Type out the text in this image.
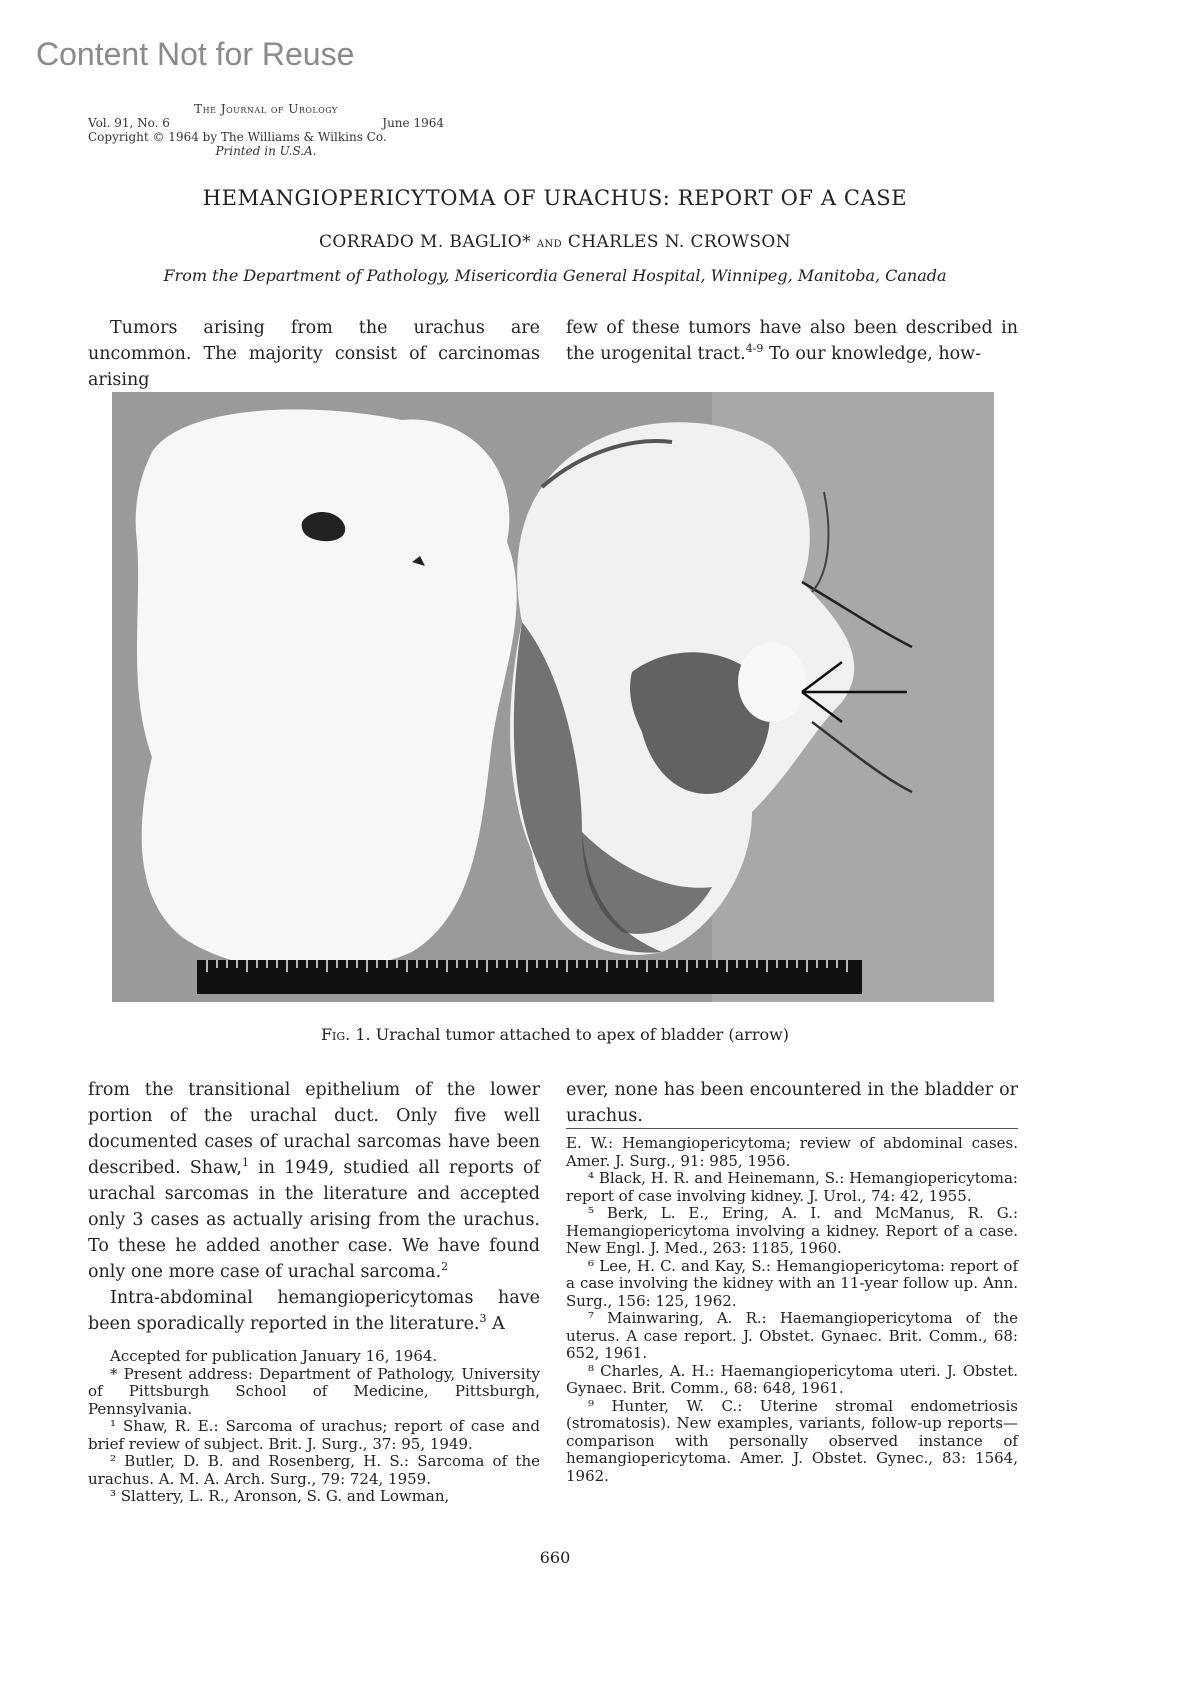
Content Not for Reuse
The Journal of Urology
Vol. 91, No. 6	June 1964
Copyright © 1964 by The Williams & Wilkins Co.
Printed in U.S.A.
HEMANGIOPERICYTOMA OF URACHUS: REPORT OF A CASE
CORRADO M. BAGLIO* and CHARLES N. CROWSON
From the Department of Pathology, Misericordia General Hospital, Winnipeg, Manitoba, Canada

Tumors arising from the urachus are uncommon. The majority consist of carcinomas arising

few of these tumors have also been described in the urogenital tract.$^{4-9}$ To our knowledge, how-

Fig. 1. Urachal tumor attached to apex of bladder (arrow)

from the transitional epithelium of the lower portion of the urachal duct. Only five well documented cases of urachal sarcomas have been described. Shaw,$^1$ in 1949, studied all reports of urachal sarcomas in the literature and accepted only 3 cases as actually arising from the urachus. To these he added another case. We have found only one more case of urachal sarcoma.$^2$

Intra-abdominal hemangiopericytomas have been sporadically reported in the literature.$^3$ A

ever, none has been encountered in the bladder or urachus.

Accepted for publication January 16, 1964.

* Present address: Department of Pathology, University of Pittsburgh School of Medicine, Pittsburgh, Pennsylvania.

¹ Shaw, R. E.: Sarcoma of urachus; report of case and brief review of subject. Brit. J. Surg., 37: 95, 1949.

² Butler, D. B. and Rosenberg, H. S.: Sarcoma of the urachus. A. M. A. Arch. Surg., 79: 724, 1959.

³ Slattery, L. R., Aronson, S. G. and Lowman,

E. W.: Hemangiopericytoma; review of abdominal cases. Amer. J. Surg., 91: 985, 1956.

⁴ Black, H. R. and Heinemann, S.: Hemangiopericytoma: report of case involving kidney. J. Urol., 74: 42, 1955.

⁵ Berk, L. E., Ering, A. I. and McManus, R. G.: Hemangiopericytoma involving a kidney. Report of a case. New Engl. J. Med., 263: 1185, 1960.

⁶ Lee, H. C. and Kay, S.: Hemangiopericytoma: report of a case involving the kidney with an 11-year follow up. Ann. Surg., 156: 125, 1962.

⁷ Mainwaring, A. R.: Haemangiopericytoma of the uterus. A case report. J. Obstet. Gynaec. Brit. Comm., 68: 652, 1961.

⁸ Charles, A. H.: Haemangiopericytoma uteri. J. Obstet. Gynaec. Brit. Comm., 68: 648, 1961.

⁹ Hunter, W. C.: Uterine stromal endometriosis (stromatosis). New examples, variants, follow-up reports—comparison with personally observed instance of hemangiopericytoma. Amer. J. Obstet. Gynec., 83: 1564, 1962.

660
